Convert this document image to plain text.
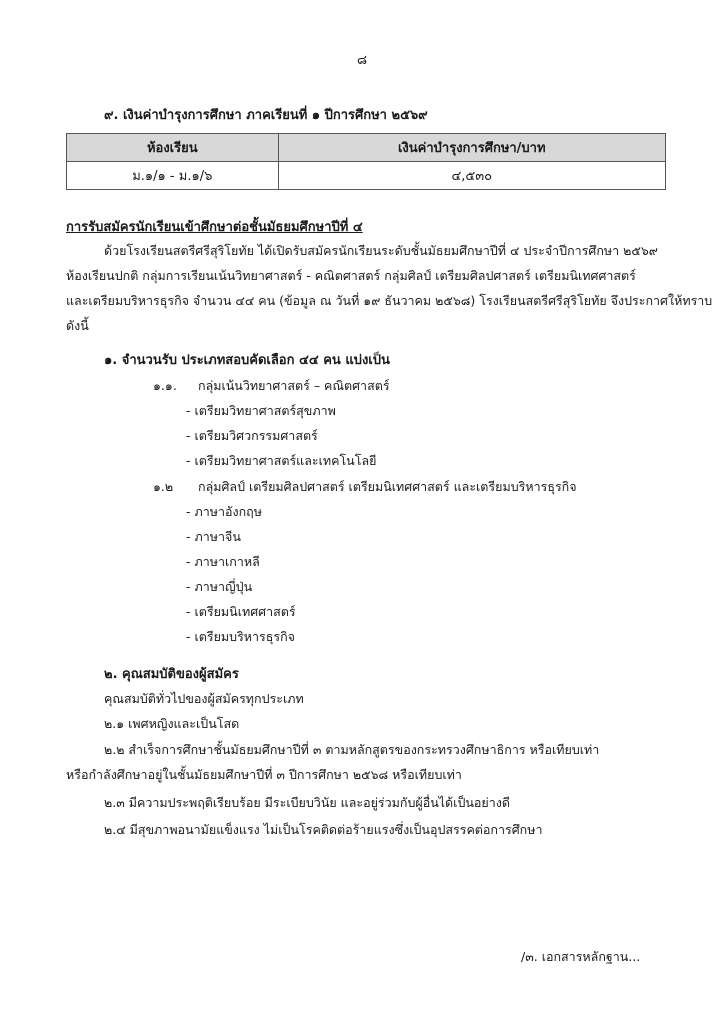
๘
๙. เงินค่าบำรุงการศึกษา ภาคเรียนที่ ๑ ปีการศึกษา ๒๕๖๙
ห้องเรียน	เงินค่าบำรุงการศึกษา/บาท
ม.๑/๑ - ม.๑/๖	๔,๕๓๐
การรับสมัครนักเรียนเข้าศึกษาต่อชั้นมัธยมศึกษาปีที่ ๔
ด้วยโรงเรียนสตรีศรีสุริโยทัย ได้เปิดรับสมัครนักเรียนระดับชั้นมัธยมศึกษาปีที่ ๔ ประจำปีการศึกษา ๒๕๖๙
ห้องเรียนปกติ กลุ่มการเรียนเน้นวิทยาศาสตร์ - คณิตศาสตร์ กลุ่มศิลป์ เตรียมศิลปศาสตร์ เตรียมนิเทศศาสตร์
และเตรียมบริหารธุรกิจ จำนวน ๔๔ คน (ข้อมูล ณ วันที่ ๑๙ ธันวาคม ๒๕๖๘) โรงเรียนสตรีศรีสุริโยทัย จึงประกาศให้ทราบ
ดังนี้
๑. จำนวนรับ ประเภทสอบคัดเลือก ๔๔ คน แบ่งเป็น
๑.๑. กลุ่มเน้นวิทยาศาสตร์ – คณิตศาสตร์
- เตรียมวิทยาศาสตร์สุขภาพ
- เตรียมวิศวกรรมศาสตร์
- เตรียมวิทยาศาสตร์และเทคโนโลยี
๑.๒ กลุ่มศิลป์ เตรียมศิลปศาสตร์ เตรียมนิเทศศาสตร์ และเตรียมบริหารธุรกิจ
- ภาษาอังกฤษ
- ภาษาจีน
- ภาษาเกาหลี
- ภาษาญี่ปุ่น
- เตรียมนิเทศศาสตร์
- เตรียมบริหารธุรกิจ
๒. คุณสมบัติของผู้สมัคร
คุณสมบัติทั่วไปของผู้สมัครทุกประเภท
๒.๑ เพศหญิงและเป็นโสด
๒.๒ สำเร็จการศึกษาชั้นมัธยมศึกษาปีที่ ๓ ตามหลักสูตรของกระทรวงศึกษาธิการ หรือเทียบเท่า
หรือกำลังศึกษาอยู่ในชั้นมัธยมศึกษาปีที่ ๓ ปีการศึกษา ๒๕๖๘ หรือเทียบเท่า
๒.๓ มีความประพฤติเรียบร้อย มีระเบียบวินัย และอยู่ร่วมกับผู้อื่นได้เป็นอย่างดี
๒.๔ มีสุขภาพอนามัยแข็งแรง ไม่เป็นโรคติดต่อร้ายแรงซึ่งเป็นอุปสรรคต่อการศึกษา
/๓. เอกสารหลักฐาน...
